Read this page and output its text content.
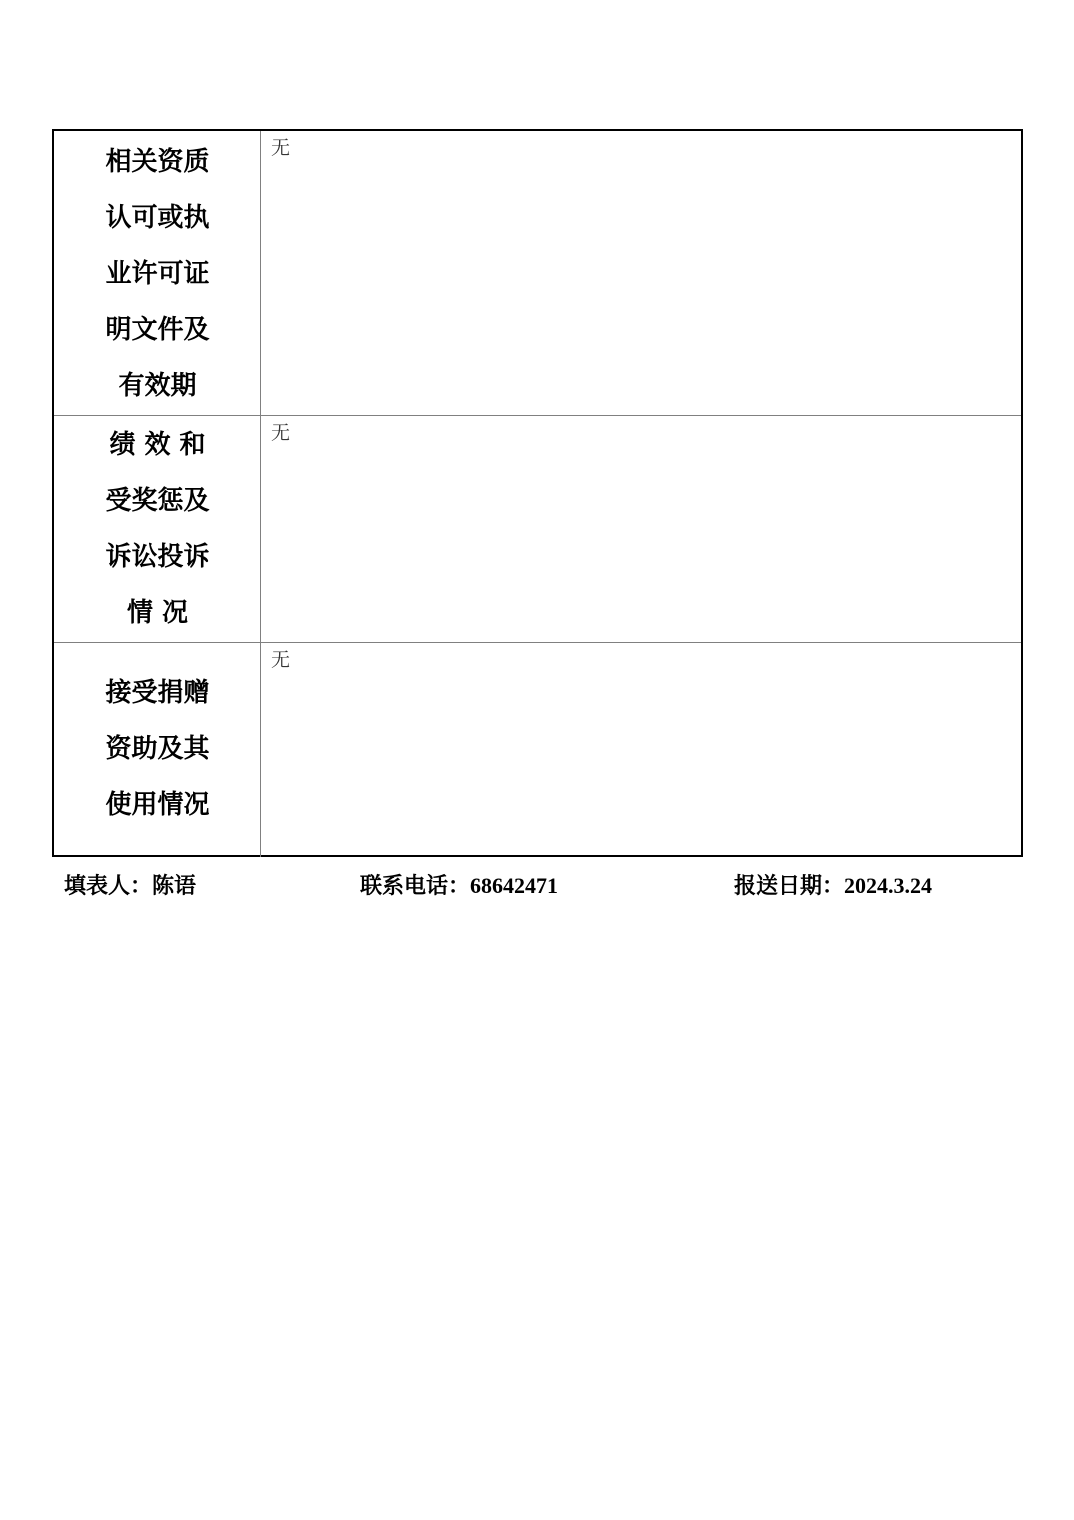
相关资质
认可或执
业许可证
明文件及
有效期
无
绩 效 和
受奖惩及
诉讼投诉
情 况
无
接受捐赠
资助及其
使用情况
无
填表人：陈语	联系电话：68642471	报送日期：2024.3.24
